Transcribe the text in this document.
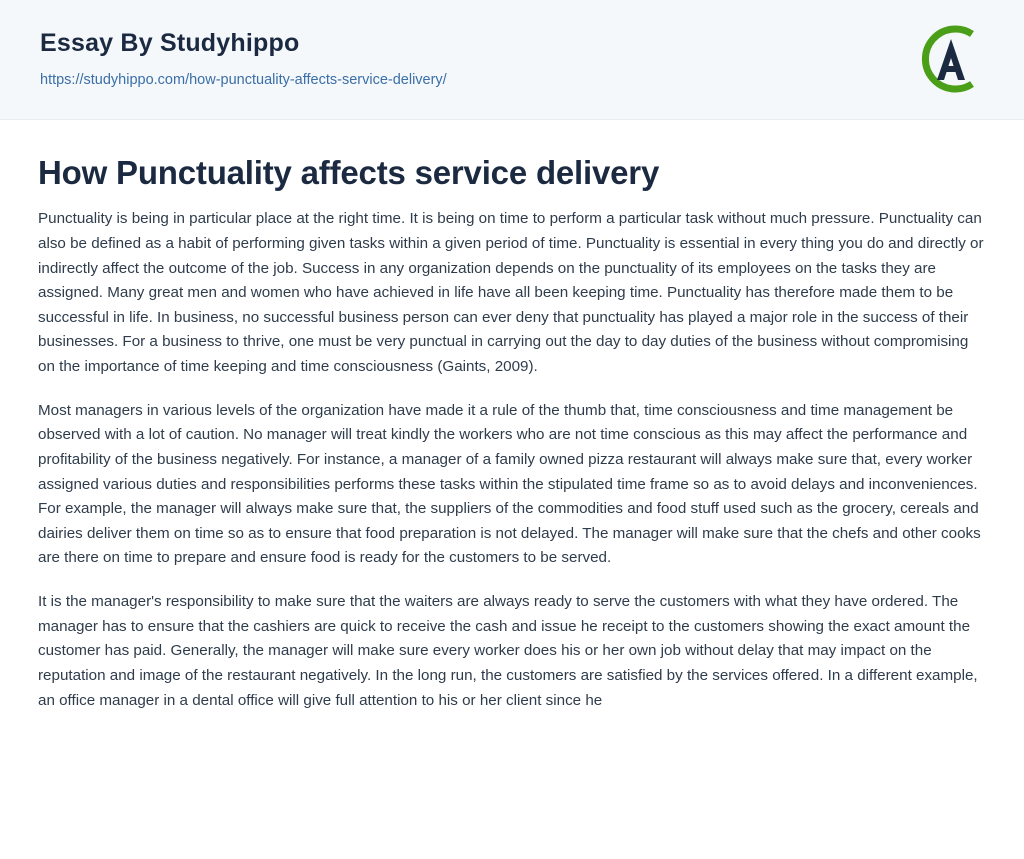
Essay By Studyhippo
https://studyhippo.com/how-punctuality-affects-service-delivery/
How Punctuality affects service delivery

Punctuality is being in particular place at the right time. It is being on time to perform a particular task without much pressure. Punctuality can also be defined as a habit of performing given tasks within a given period of time. Punctuality is essential in every thing you do and directly or indirectly affect the outcome of the job. Success in any organization depends on the punctuality of its employees on the tasks they are assigned. Many great men and women who have achieved in life have all been keeping time. Punctuality has therefore made them to be successful in life. In business, no successful business person can ever deny that punctuality has played a major role in the success of their businesses. For a business to thrive, one must be very punctual in carrying out the day to day duties of the business without compromising on the importance of time keeping and time consciousness (Gaints, 2009).

Most managers in various levels of the organization have made it a rule of the thumb that, time consciousness and time management be observed with a lot of caution. No manager will treat kindly the workers who are not time conscious as this may affect the performance and profitability of the business negatively. For instance, a manager of a family owned pizza restaurant will always make sure that, every worker assigned various duties and responsibilities performs these tasks within the stipulated time frame so as to avoid delays and inconveniences. For example, the manager will always make sure that, the suppliers of the commodities and food stuff used such as the grocery, cereals and dairies deliver them on time so as to ensure that food preparation is not delayed. The manager will make sure that the chefs and other cooks are there on time to prepare and ensure food is ready for the customers to be served.

It is the manager's responsibility to make sure that the waiters are always ready to serve the customers with what they have ordered. The manager has to ensure that the cashiers are quick to receive the cash and issue he receipt to the customers showing the exact amount the customer has paid. Generally, the manager will make sure every worker does his or her own job without delay that may impact on the reputation and image of the restaurant negatively. In the long run, the customers are satisfied by the services offered. In a different example, an office manager in a dental office will give full attention to his or her client since he
